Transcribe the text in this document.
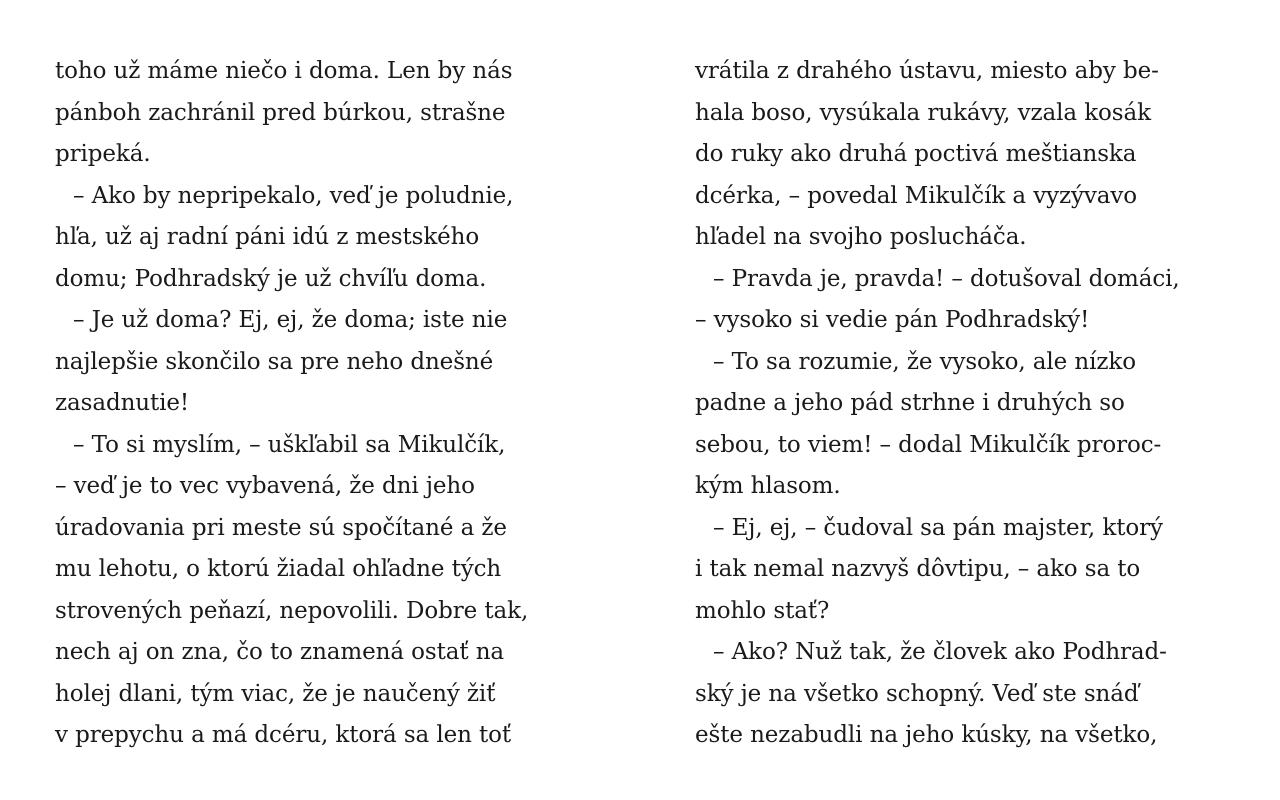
toho už máme niečo i doma. Len by nás
pánboh zachránil pred búrkou, strašne
pripeká.
– Ako by nepripekalo, veď je poludnie,
hľa, už aj radní páni idú z mestského
domu; Podhradský je už chvíľu doma.
– Je už doma? Ej, ej, že doma; iste nie
najlepšie skončilo sa pre neho dnešné
zasadnutie!
– To si myslím, – uškľabil sa Mikulčík,
– veď je to vec vybavená, že dni jeho
úradovania pri meste sú spočítané a že
mu lehotu, o ktorú žiadal ohľadne tých
strovených peňazí, nepovolili. Dobre tak,
nech aj on zna, čo to znamená ostať na
holej dlani, tým viac, že je naučený žiť
v prepychu a má dcéru, ktorá sa len toť
vrátila z drahého ústavu, miesto aby be-
hala boso, vysúkala rukávy, vzala kosák
do ruky ako druhá poctivá meštianska
dcérka, – povedal Mikulčík a vyzývavo
hľadel na svojho poslucháča.
– Pravda je, pravda! – dotušoval domáci,
– vysoko si vedie pán Podhradský!
– To sa rozumie, že vysoko, ale nízko
padne a jeho pád strhne i druhých so
sebou, to viem! – dodal Mikulčík proroc-
kým hlasom.
– Ej, ej, – čudoval sa pán majster, ktorý
i tak nemal nazvyš dôvtipu, – ako sa to
mohlo stať?
– Ako? Nuž tak, že človek ako Podhrad-
ský je na všetko schopný. Veď ste snáď
ešte nezabudli na jeho kúsky, na všetko,
